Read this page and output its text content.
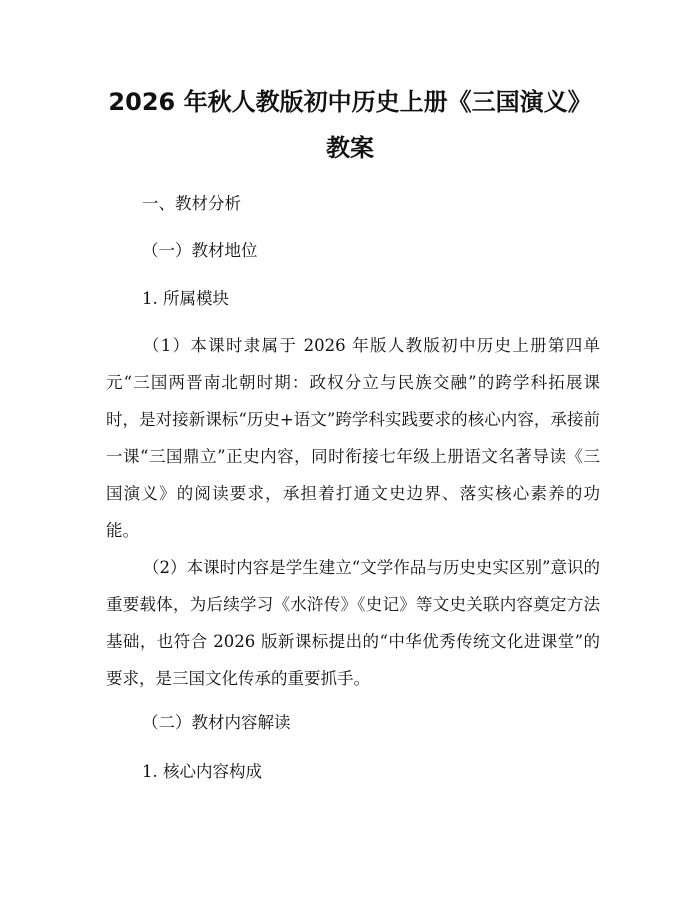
2026 年秋人教版初中历史上册《三国演义》
教案

一、教材分析

（一）教材地位

1. 所属模块

（1）本课时隶属于 2026 年版人教版初中历史上册第四单元“三国两晋南北朝时期：政权分立与民族交融”的跨学科拓展课时，是对接新课标“历史+语文”跨学科实践要求的核心内容，承接前一课“三国鼎立”正史内容，同时衔接七年级上册语文名著导读《三国演义》的阅读要求，承担着打通文史边界、落实核心素养的功能。

（2）本课时内容是学生建立“文学作品与历史史实区别”意识的重要载体，为后续学习《水浒传》《史记》等文史关联内容奠定方法基础，也符合 2026 版新课标提出的“中华优秀传统文化进课堂”的要求，是三国文化传承的重要抓手。

（二）教材内容解读

1. 核心内容构成
